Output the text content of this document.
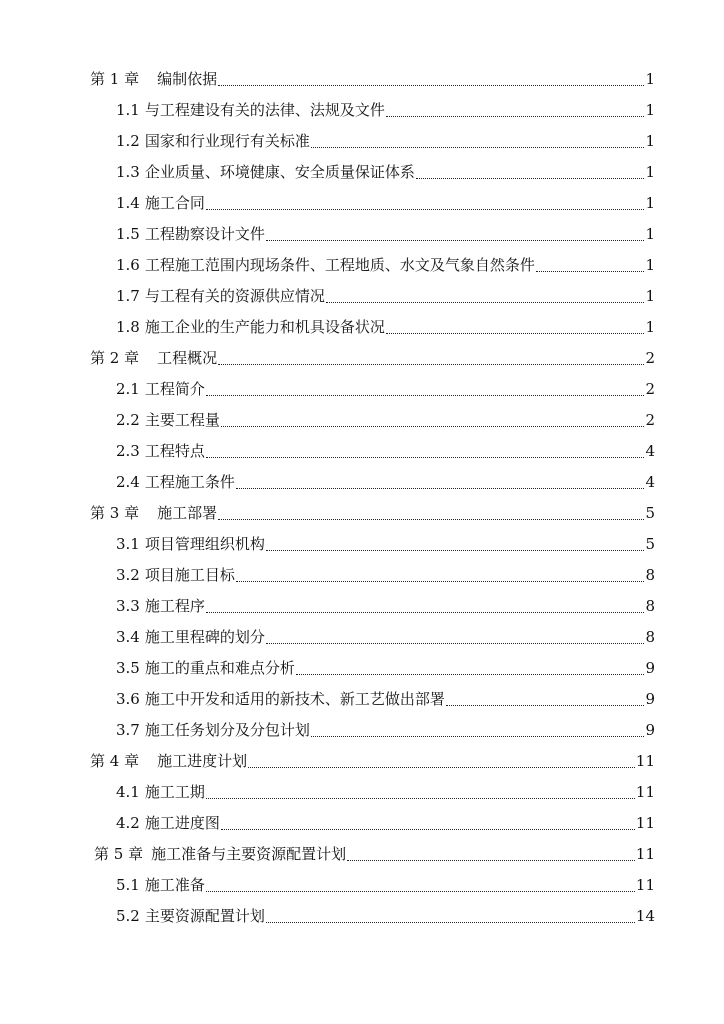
第 1 章 编制依据	1
1.1 与工程建设有关的法律、法规及文件	1
1.2 国家和行业现行有关标准	1
1.3 企业质量、环境健康、安全质量保证体系	1
1.4 施工合同	1
1.5 工程勘察设计文件	1
1.6 工程施工范围内现场条件、工程地质、水文及气象自然条件	1
1.7 与工程有关的资源供应情况	1
1.8 施工企业的生产能力和机具设备状况	1
第 2 章 工程概况	2
2.1 工程简介	2
2.2 主要工程量	2
2.3 工程特点	4
2.4 工程施工条件	4
第 3 章 施工部署	5
3.1 项目管理组织机构	5
3.2 项目施工目标	8
3.3 施工程序	8
3.4 施工里程碑的划分	8
3.5 施工的重点和难点分析	9
3.6 施工中开发和适用的新技术、新工艺做出部署	9
3.7 施工任务划分及分包计划	9
第 4 章 施工进度计划	11
4.1 施工工期	11
4.2 施工进度图	11
第 5 章 施工准备与主要资源配置计划	11
5.1 施工准备	11
5.2 主要资源配置计划	14
